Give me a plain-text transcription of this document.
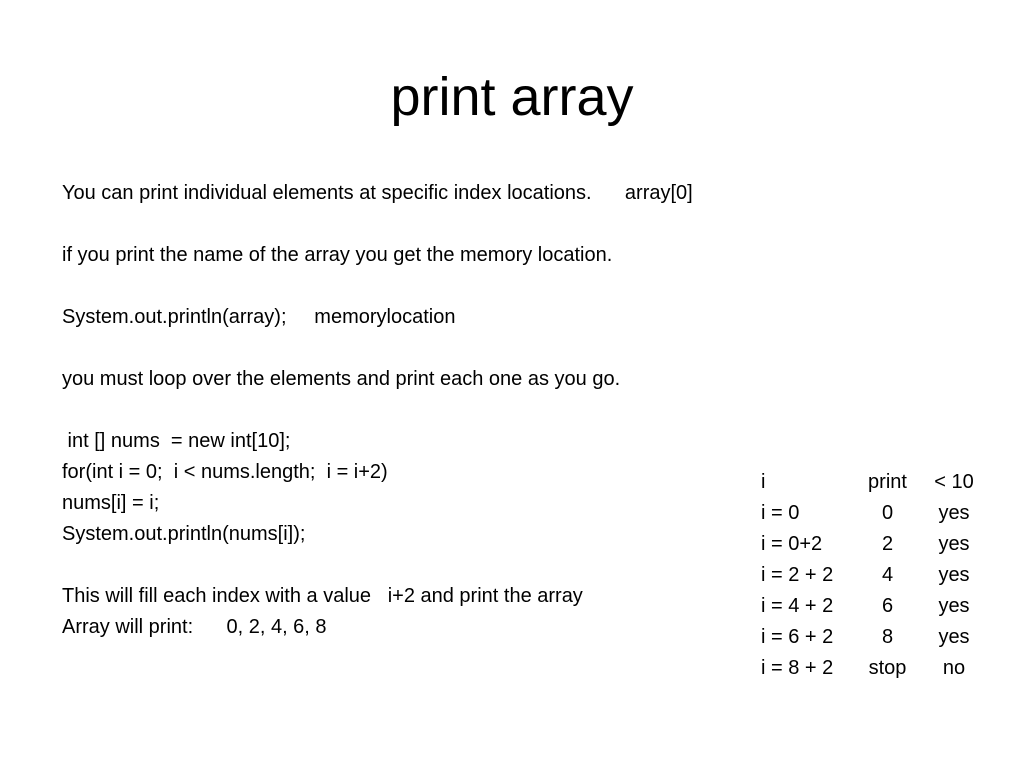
print array
You can print individual elements at specific index locations.      array[0]
if you print the name of the array you get the memory location.
System.out.println(array);     memorylocation
you must loop over the elements and print each one as you go.
int [] nums  = new int[10];
for(int i = 0;  i < nums.length;  i = i+2)
nums[i] = i;
System.out.println(nums[i]);
This will fill each index with a value   i+2 and print the array
Array will print:      0, 2, 4, 6, 8
i	print	< 10
i = 0	0	yes
i = 0+2	2	yes
i = 2 + 2	4	yes
i = 4 + 2	6	yes
i = 6 + 2	8	yes
i = 8 + 2	stop	no
